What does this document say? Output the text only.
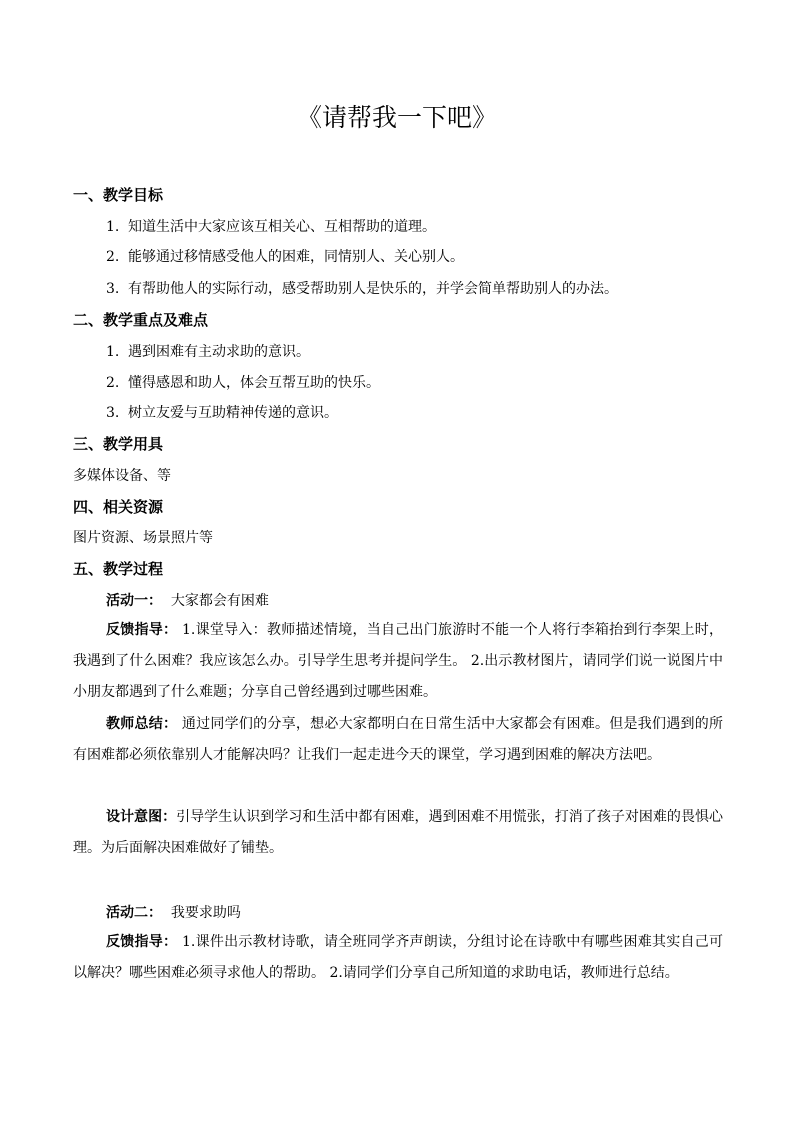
《请帮我一下吧》
一、教学目标
1. 知道生活中大家应该互相关心、互相帮助的道理。
2. 能够通过移情感受他人的困难，同情别人、关心别人。
3. 有帮助他人的实际行动，感受帮助别人是快乐的，并学会简单帮助别人的办法。
二、教学重点及难点
1. 遇到困难有主动求助的意识。
2. 懂得感恩和助人，体会互帮互助的快乐。
3. 树立友爱与互助精神传递的意识。
三、教学用具
多媒体设备、等
四、相关资源
图片资源、场景照片等
五、教学过程
活动一： 大家都会有困难

反馈指导： 1.课堂导入：教师描述情境，当自己出门旅游时不能一个人将行李箱抬到行李架上时，我遇到了什么困难？我应该怎么办。引导学生思考并提问学生。 2.出示教材图片，请同学们说一说图片中小朋友都遇到了什么难题；分享自己曾经遇到过哪些困难。

教师总结： 通过同学们的分享，想必大家都明白在日常生活中大家都会有困难。但是我们遇到的所有困难都必须依靠别人才能解决吗？让我们一起走进今天的课堂，学习遇到困难的解决方法吧。

设计意图：引导学生认识到学习和生活中都有困难，遇到困难不用慌张，打消了孩子对困难的畏惧心理。为后面解决困难做好了铺垫。

活动二： 我要求助吗

反馈指导： 1.课件出示教材诗歌，请全班同学齐声朗读，分组讨论在诗歌中有哪些困难其实自己可以解决？哪些困难必须寻求他人的帮助。 2.请同学们分享自己所知道的求助电话，教师进行总结。
